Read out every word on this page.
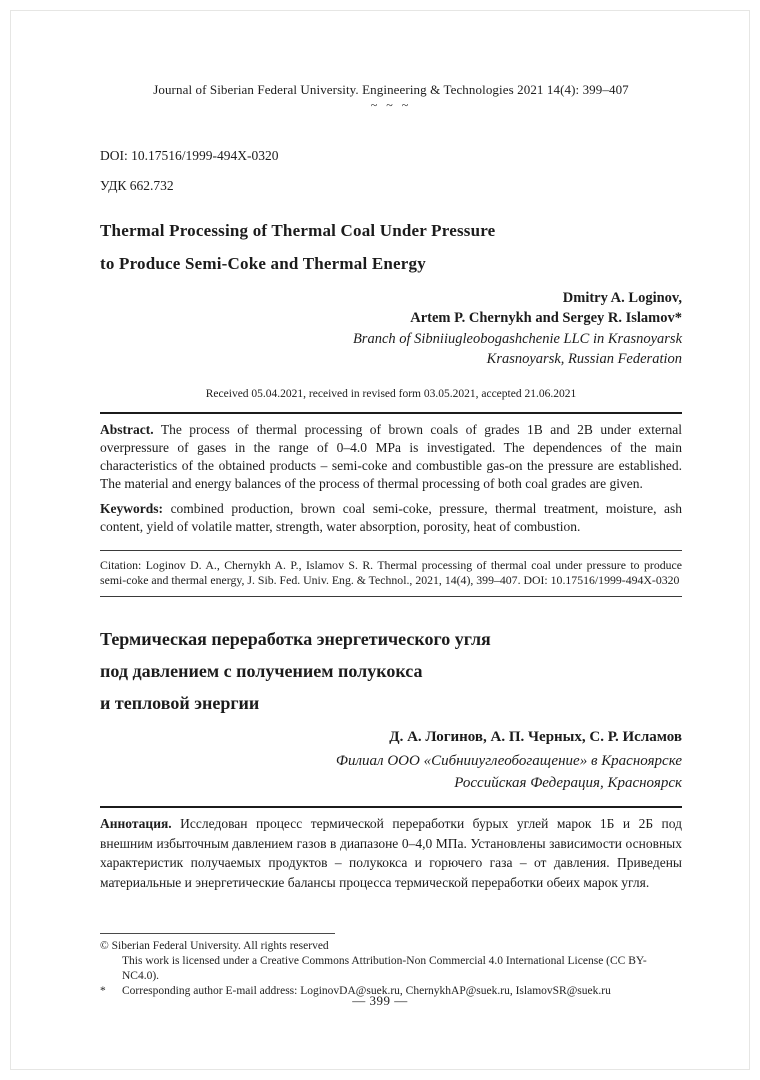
Journal of Siberian Federal University. Engineering & Technologies 2021 14(4): 399–407
~ ~ ~

DOI: 10.17516/1999-494X-0320

УДК 662.732

Thermal Processing of Thermal Coal Under Pressure
to Produce Semi-Coke and Thermal Energy

Dmitry A. Loginov,
Artem P. Chernykh and Sergey R. Islamov*

Branch of Sibniiugleobogashchenie LLC in Krasnoyarsk
Krasnoyarsk, Russian Federation

Received 05.04.2021, received in revised form 03.05.2021, accepted 21.06.2021

Abstract. The process of thermal processing of brown coals of grades 1B and 2B under external overpressure of gases in the range of 0–4.0 MPa is investigated. The dependences of the main characteristics of the obtained products – semi-coke and combustible gas-on the pressure are established. The material and energy balances of the process of thermal processing of both coal grades are given.

Keywords: combined production, brown coal semi-coke, pressure, thermal treatment, moisture, ash content, yield of volatile matter, strength, water absorption, porosity, heat of combustion.

Citation: Loginov D. A., Chernykh A. P., Islamov S. R. Thermal processing of thermal coal under pressure to produce semi-coke and thermal energy, J. Sib. Fed. Univ. Eng. & Technol., 2021, 14(4), 399–407. DOI: 10.17516/1999-494X-0320
Термическая переработка энергетического угля
под давлением с получением полукокса
и тепловой энергии

Д. А. Логинов, А. П. Черных, С. Р. Исламов

Филиал ООО «Сибнииуглеобогащение» в Красноярске
Российская Федерация, Красноярск

Аннотация. Исследован процесс термической переработки бурых углей марок 1Б и 2Б под внешним избыточным давлением газов в диапазоне 0–4,0 МПа. Установлены зависимости основных характеристик получаемых продуктов – полукокса и горючего газа – от давления. Приведены материальные и энергетические балансы процесса термической переработки обеих марок угля.

© Siberian Federal University. All rights reserved
This work is licensed under a Creative Commons Attribution-Non Commercial 4.0 International License (CC BY-NC4.0).
* Corresponding author E-mail address: LoginovDA@suek.ru, ChernykhAP@suek.ru, IslamovSR@suek.ru
— 399 —
